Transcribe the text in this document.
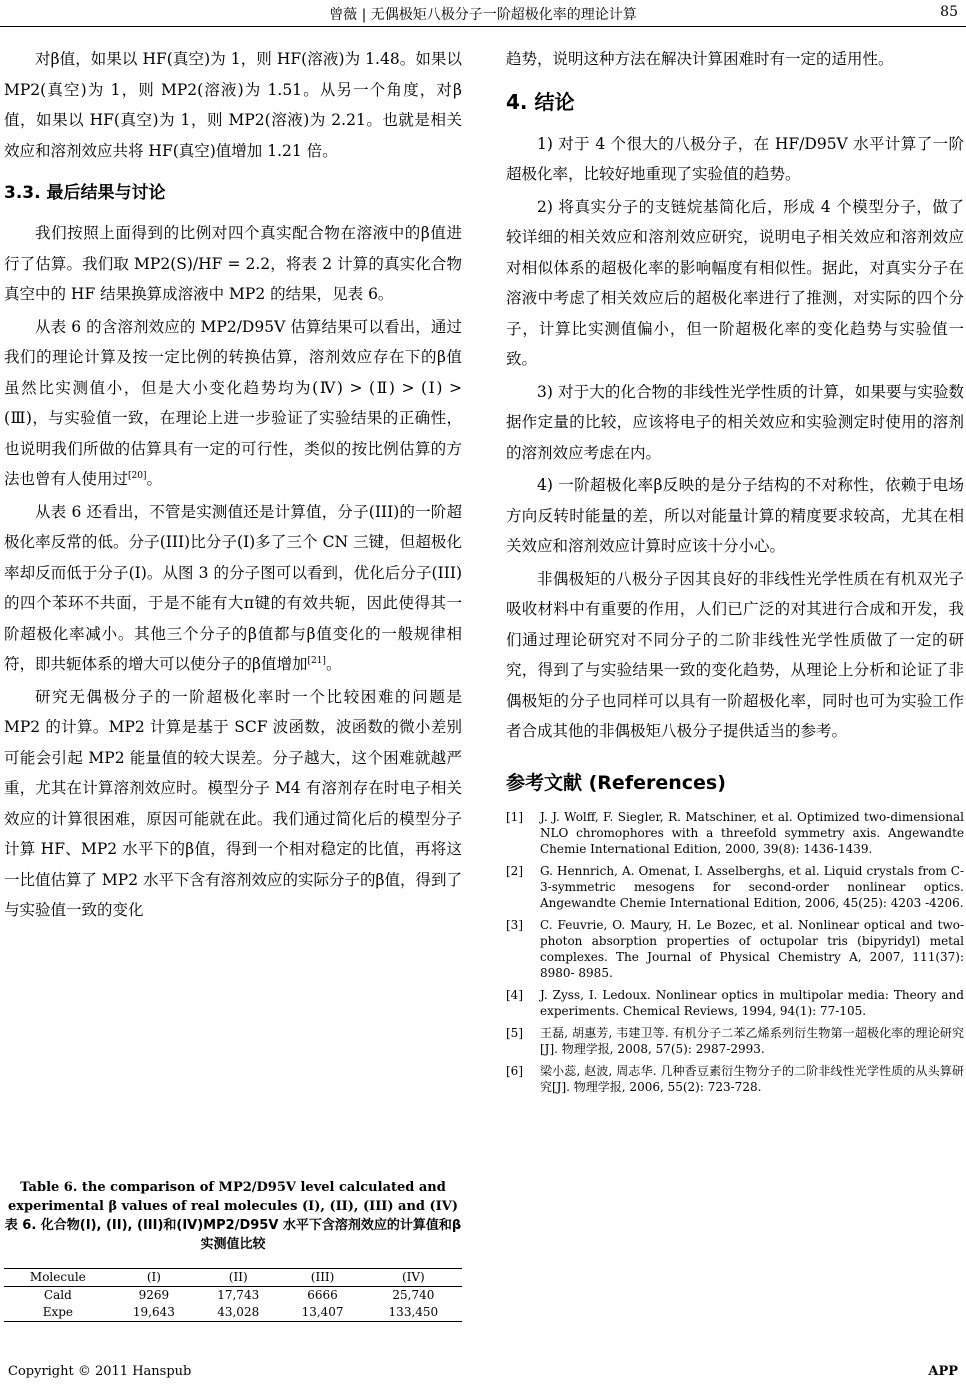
曾薇 | 无偶极矩八极分子一阶超极化率的理论计算	85

对β值，如果以 HF(真空)为 1，则 HF(溶液)为 1.48。如果以 MP2(真空)为 1，则 MP2(溶液)为 1.51。从另一个角度，对β值，如果以 HF(真空)为 1，则 MP2(溶液)为 2.21。也就是相关效应和溶剂效应共将 HF(真空)值增加 1.21 倍。

3.3. 最后结果与讨论

我们按照上面得到的比例对四个真实配合物在溶液中的β值进行了估算。我们取 MP2(S)/HF = 2.2，将表 2 计算的真实化合物真空中的 HF 结果换算成溶液中 MP2 的结果，见表 6。

从表 6 的含溶剂效应的 MP2/D95V 估算结果可以看出，通过我们的理论计算及按一定比例的转换估算，溶剂效应存在下的β值虽然比实测值小，但是大小变化趋势均为(Ⅳ) > (Ⅱ) > (Ⅰ) > (Ⅲ)，与实验值一致，在理论上进一步验证了实验结果的正确性，也说明我们所做的估算具有一定的可行性，类似的按比例估算的方法也曾有人使用过[20]。

从表 6 还看出，不管是实测值还是计算值，分子(III)的一阶超极化率反常的低。分子(III)比分子(I)多了三个 CN 三键，但超极化率却反而低于分子(I)。从图 3 的分子图可以看到，优化后分子(III)的四个苯环不共面，于是不能有大π键的有效共轭，因此使得其一阶超极化率减小。其他三个分子的β值都与β值变化的一般规律相符，即共轭体系的增大可以使分子的β值增加[21]。

研究无偶极分子的一阶超极化率时一个比较困难的问题是 MP2 的计算。MP2 计算是基于 SCF 波函数，波函数的微小差别可能会引起 MP2 能量值的较大误差。分子越大，这个困难就越严重，尤其在计算溶剂效应时。模型分子 M4 有溶剂存在时电子相关效应的计算很困难，原因可能就在此。我们通过简化后的模型分子计算 HF、MP2 水平下的β值，得到一个相对稳定的比值，再将这一比值估算了 MP2 水平下含有溶剂效应的实际分子的β值，得到了与实验值一致的变化

Table 6. the comparison of MP2/D95V level calculated and experimental β values of real molecules (I), (II), (III) and (IV)
表 6. 化合物(I), (II), (III)和(IV)MP2/D95V 水平下含溶剂效应的计算值和β实测值比较
Molecule	(I)	(II)	(III)	(IV)
Cald	9269	17,743	6666	25,740
Expe	19,643	43,028	13,407	133,450

趋势，说明这种方法在解决计算困难时有一定的适用性。

4. 结论

1) 对于 4 个很大的八极分子，在 HF/D95V 水平计算了一阶超极化率，比较好地重现了实验值的趋势。

2) 将真实分子的支链烷基简化后，形成 4 个模型分子，做了较详细的相关效应和溶剂效应研究，说明电子相关效应和溶剂效应对相似体系的超极化率的影响幅度有相似性。据此，对真实分子在溶液中考虑了相关效应后的超极化率进行了推测，对实际的四个分子，计算比实测值偏小，但一阶超极化率的变化趋势与实验值一致。

3) 对于大的化合物的非线性光学性质的计算，如果要与实验数据作定量的比较，应该将电子的相关效应和实验测定时使用的溶剂的溶剂效应考虑在内。

4) 一阶超极化率β反映的是分子结构的不对称性，依赖于电场方向反转时能量的差，所以对能量计算的精度要求较高，尤其在相关效应和溶剂效应计算时应该十分小心。

非偶极矩的八极分子因其良好的非线性光学性质在有机双光子吸收材料中有重要的作用，人们已广泛的对其进行合成和开发，我们通过理论研究对不同分子的二阶非线性光学性质做了一定的研究，得到了与实验结果一致的变化趋势，从理论上分析和论证了非偶极矩的分子也同样可以具有一阶超极化率，同时也可为实验工作者合成其他的非偶极矩八极分子提供适当的参考。

参考文献 (References)
[1]	J. J. Wolff, F. Siegler, R. Matschiner, et al. Optimized two-dimensional NLO chromophores with a threefold symmetry axis. Angewandte Chemie International Edition, 2000, 39(8): 1436-1439.
[2]	G. Hennrich, A. Omenat, I. Asselberghs, et al. Liquid crystals from C-3-symmetric mesogens for second-order nonlinear optics. Angewandte Chemie International Edition, 2006, 45(25): 4203 -4206.
[3]	C. Feuvrie, O. Maury, H. Le Bozec, et al. Nonlinear optical and two-photon absorption properties of octupolar tris (bipyridyl) metal complexes. The Journal of Physical Chemistry A, 2007, 111(37): 8980- 8985.
[4]	J. Zyss, I. Ledoux. Nonlinear optics in multipolar media: Theory and experiments. Chemical Reviews, 1994, 94(1): 77-105.
[5]	王磊, 胡惠芳, 韦建卫等. 有机分子二苯乙烯系列衍生物第一超极化率的理论研究[J]. 物理学报, 2008, 57(5): 2987-2993.
[6]	梁小蕊, 赵波, 周志华. 几种香豆素衍生物分子的二阶非线性光学性质的从头算研究[J]. 物理学报, 2006, 55(2): 723-728.
Copyright © 2011 Hanspub	APP
